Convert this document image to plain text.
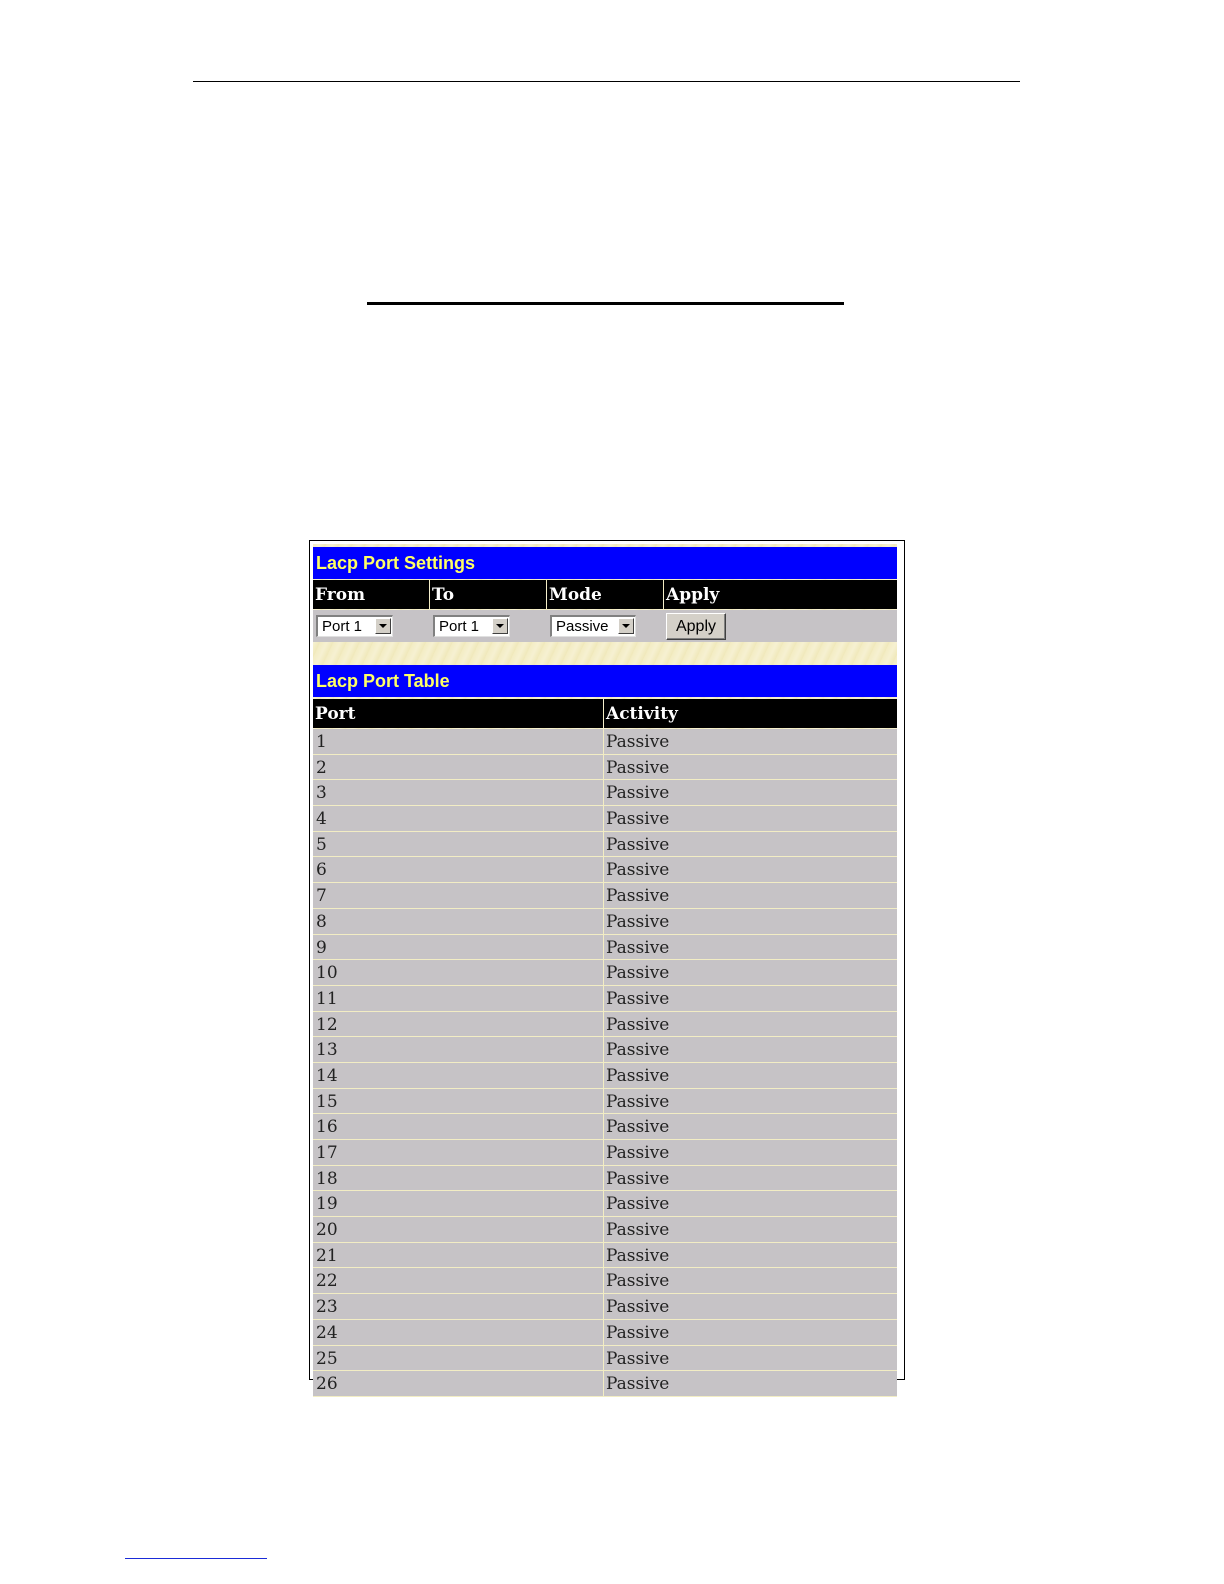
Lacp Port Settings
From	To	Mode	Apply
Port 1	Port 1	Passive	Apply
Lacp Port Table
Port	Activity
1	Passive
2	Passive
3	Passive
4	Passive
5	Passive
6	Passive
7	Passive
8	Passive
9	Passive
10	Passive
11	Passive
12	Passive
13	Passive
14	Passive
15	Passive
16	Passive
17	Passive
18	Passive
19	Passive
20	Passive
21	Passive
22	Passive
23	Passive
24	Passive
25	Passive
26	Passive
